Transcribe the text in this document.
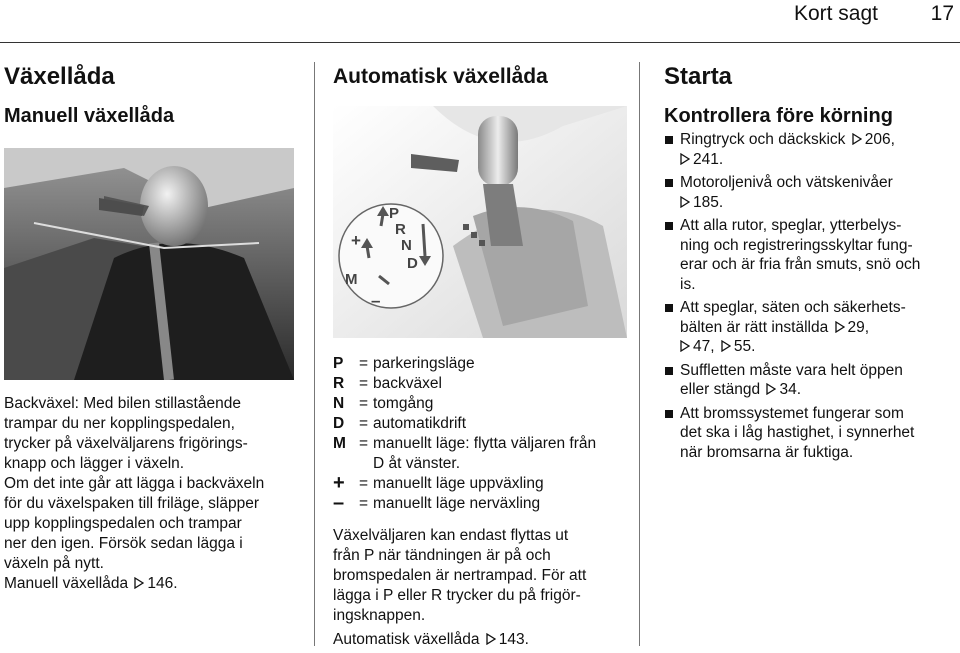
Kort sagt	17
Växellåda
Manuell växellåda

Backväxel: Med bilen stillastående
trampar du ner kopplingspedalen,
trycker på växelväljarens frigörings-
knapp och lägger i växeln.

Om det inte går att lägga i backväxeln
för du växelspaken till friläge, släpper
upp kopplingspedalen och trampar
ner den igen. Försök sedan lägga i
växeln på nytt.

Manuell växellåda 146.

Automatisk växellåda
P
R
N
D
M
+
–
P	= parkeringsläge
R = backväxel
N = tomgång
D = automatikdrift
M = manuellt läge: flytta väljaren från
D åt vänster.
+ = manuellt läge uppväxling
– = manuellt läge nerväxling

Växelväljaren kan endast flyttas ut
från P när tändningen är på och
bromspedalen är nertrampad. För att
lägga i P eller R trycker du på frigör-
ingsknappen.

Automatisk växellåda 143.

Starta
Kontrollera före körning
Ringtryck och däckskick 206,
241.
Motoroljenivå och vätskenivåer
185.
Att alla rutor, speglar, ytterbelys-
ning och registreringsskyltar fung-
erar och är fria från smuts, snö och
is.
Att speglar, säten och säkerhets-
bälten är rätt inställda 29,
47, 55.
Suffletten måste vara helt öppen
eller stängd 34.
Att bromssystemet fungerar som
det ska i låg hastighet, i synnerhet
när bromsarna är fuktiga.
